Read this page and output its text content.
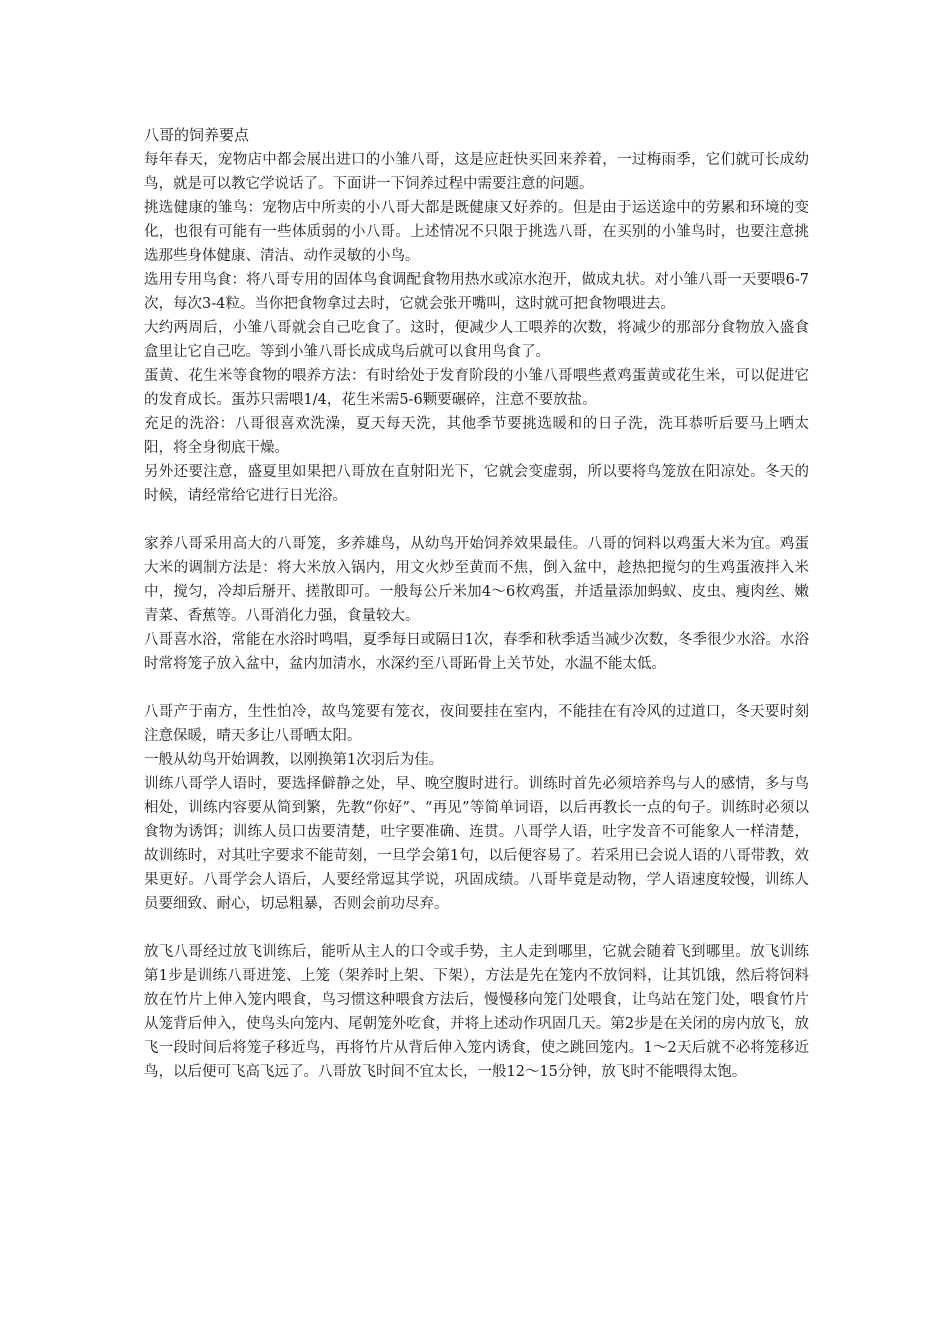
八哥的饲养要点

每年春天，宠物店中都会展出进口的小雏八哥，这是应赶快买回来养着，一过梅雨季，它们就可长成幼鸟，就是可以教它学说话了。下面讲一下饲养过程中需要注意的问题。

挑选健康的雏鸟：宠物店中所卖的小八哥大都是既健康又好养的。但是由于运送途中的劳累和环境的变化，也很有可能有一些体质弱的小八哥。上述情况不只限于挑选八哥，在买别的小雏鸟时，也要注意挑选那些身体健康、清洁、动作灵敏的小鸟。

选用专用鸟食：将八哥专用的固体鸟食调配食物用热水或凉水泡开，做成丸状。对小雏八哥一天要喂6-7次，每次3-4粒。当你把食物拿过去时，它就会张开嘴叫，这时就可把食物喂进去。

大约两周后，小雏八哥就会自己吃食了。这时，便减少人工喂养的次数，将减少的那部分食物放入盛食盒里让它自己吃。等到小雏八哥长成成鸟后就可以食用鸟食了。

蛋黄、花生米等食物的喂养方法：有时给处于发育阶段的小雏八哥喂些煮鸡蛋黄或花生米，可以促进它的发育成长。蛋苏只需喂1/4，花生米需5-6颗要碾碎，注意不要放盐。

充足的洗浴：八哥很喜欢洗澡，夏天每天洗，其他季节要挑选暖和的日子洗，洗耳恭听后要马上晒太阳，将全身彻底干燥。

另外还要注意，盛夏里如果把八哥放在直射阳光下，它就会变虚弱，所以要将鸟笼放在阳凉处。冬天的时候，请经常给它进行日光浴。

家养八哥采用高大的八哥笼，多养雄鸟，从幼鸟开始饲养效果最佳。八哥的饲料以鸡蛋大米为宜。鸡蛋大米的调制方法是：将大米放入锅内，用文火炒至黄而不焦，倒入盆中，趁热把搅匀的生鸡蛋液拌入米中，搅匀，冷却后掰开、搓散即可。一般每公斤米加4～6枚鸡蛋，并适量添加蚂蚁、皮虫、瘦肉丝、嫩青菜、香蕉等。八哥消化力强，食量较大。

八哥喜水浴，常能在水浴时鸣唱，夏季每日或隔日1次，春季和秋季适当减少次数，冬季很少水浴。水浴时常将笼子放入盆中，盆内加清水，水深约至八哥跖骨上关节处，水温不能太低。

八哥产于南方，生性怕冷，故鸟笼要有笼衣，夜间要挂在室内，不能挂在有冷风的过道口，冬天要时刻注意保暖，晴天多让八哥晒太阳。

一般从幼鸟开始调教，以刚换第1次羽后为佳。

训练八哥学人语时，要选择僻静之处，早、晚空腹时进行。训练时首先必须培养鸟与人的感情，多与鸟相处，训练内容要从简到繁，先教“你好”、“再见”等简单词语，以后再教长一点的句子。训练时必须以食物为诱饵；训练人员口齿要清楚，吐字要准确、连贯。八哥学人语，吐字发音不可能象人一样清楚，故训练时，对其吐字要求不能苛刻，一旦学会第1句，以后便容易了。若采用已会说人语的八哥带教，效果更好。八哥学会人语后，人要经常逗其学说，巩固成绩。八哥毕竟是动物，学人语速度较慢，训练人员要细致、耐心，切忌粗暴，否则会前功尽弃。

放飞八哥经过放飞训练后，能听从主人的口令或手势，主人走到哪里，它就会随着飞到哪里。放飞训练第1步是训练八哥进笼、上笼（架养时上架、下架），方法是先在笼内不放饲料，让其饥饿，然后将饲料放在竹片上伸入笼内喂食，鸟习惯这种喂食方法后，慢慢移向笼门处喂食，让鸟站在笼门处，喂食竹片从笼背后伸入，使鸟头向笼内、尾朝笼外吃食，并将上述动作巩固几天。第2步是在关闭的房内放飞，放飞一段时间后将笼子移近鸟，再将竹片从背后伸入笼内诱食，使之跳回笼内。1～2天后就不必将笼移近鸟，以后便可飞高飞远了。八哥放飞时间不宜太长，一般12～15分钟，放飞时不能喂得太饱。
